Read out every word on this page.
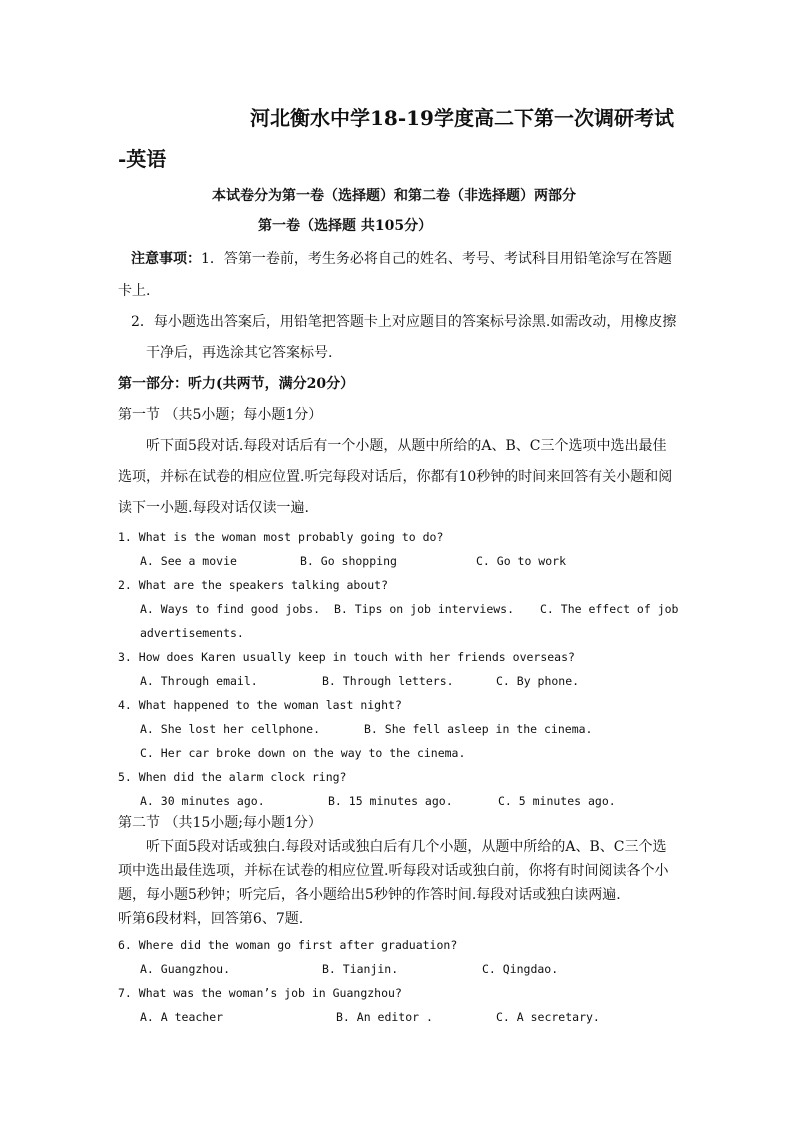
河北衡水中学18-19学度高二下第一次调研考试
-英语
本试卷分为第一卷（选择题）和第二卷（非选择题）两部分
第一卷（选择题 共105分）
注意事项：1．答第一卷前，考生务必将自己的姓名、考号、考试科目用铅笔涂写在答题
卡上.
2．每小题选出答案后，用铅笔把答题卡上对应题目的答案标号涂黑.如需改动，用橡皮擦
干净后，再选涂其它答案标号.
第一部分：听力(共两节，满分20分）
第一节 （共5小题；每小题1分）
听下面5段对话.每段对话后有一个小题，从题中所给的A、B、C三个选项中选出最佳
选项，并标在试卷的相应位置.听完每段对话后，你都有10秒钟的时间来回答有关小题和阅
读下一小题.每段对话仅读一遍.
1. What is the woman most probably going to do?
A. See a movie	B. Go shopping	C. Go to work
2. What are the speakers talking about?
A. Ways to find good jobs. B. Tips on job interviews. C. The effect of job
advertisements.
3. How does Karen usually keep in touch with her friends overseas?
A. Through email.	B. Through letters.	C. By phone.
4. What happened to the woman last night?
A. She lost her cellphone.	B. She fell asleep in the cinema.
C. Her car broke down on the way to the cinema.
5. When did the alarm clock ring?
A. 30 minutes ago.	B. 15 minutes ago.	C. 5 minutes ago.
第二节 （共15小题;每小题1分）
听下面5段对话或独白.每段对话或独白后有几个小题，从题中所给的A、B、C三个选
项中选出最佳选项，并标在试卷的相应位置.听每段对话或独白前，你将有时间阅读各个小
题，每小题5秒钟；听完后，各小题给出5秒钟的作答时间.每段对话或独白读两遍.
听第6段材料，回答第6、7题.
6. Where did the woman go first after graduation?
A. Guangzhou.	B. Tianjin.	C. Qingdao.
7. What was the woman’s job in Guangzhou?
A. A teacher	B. An editor .	C. A secretary.
